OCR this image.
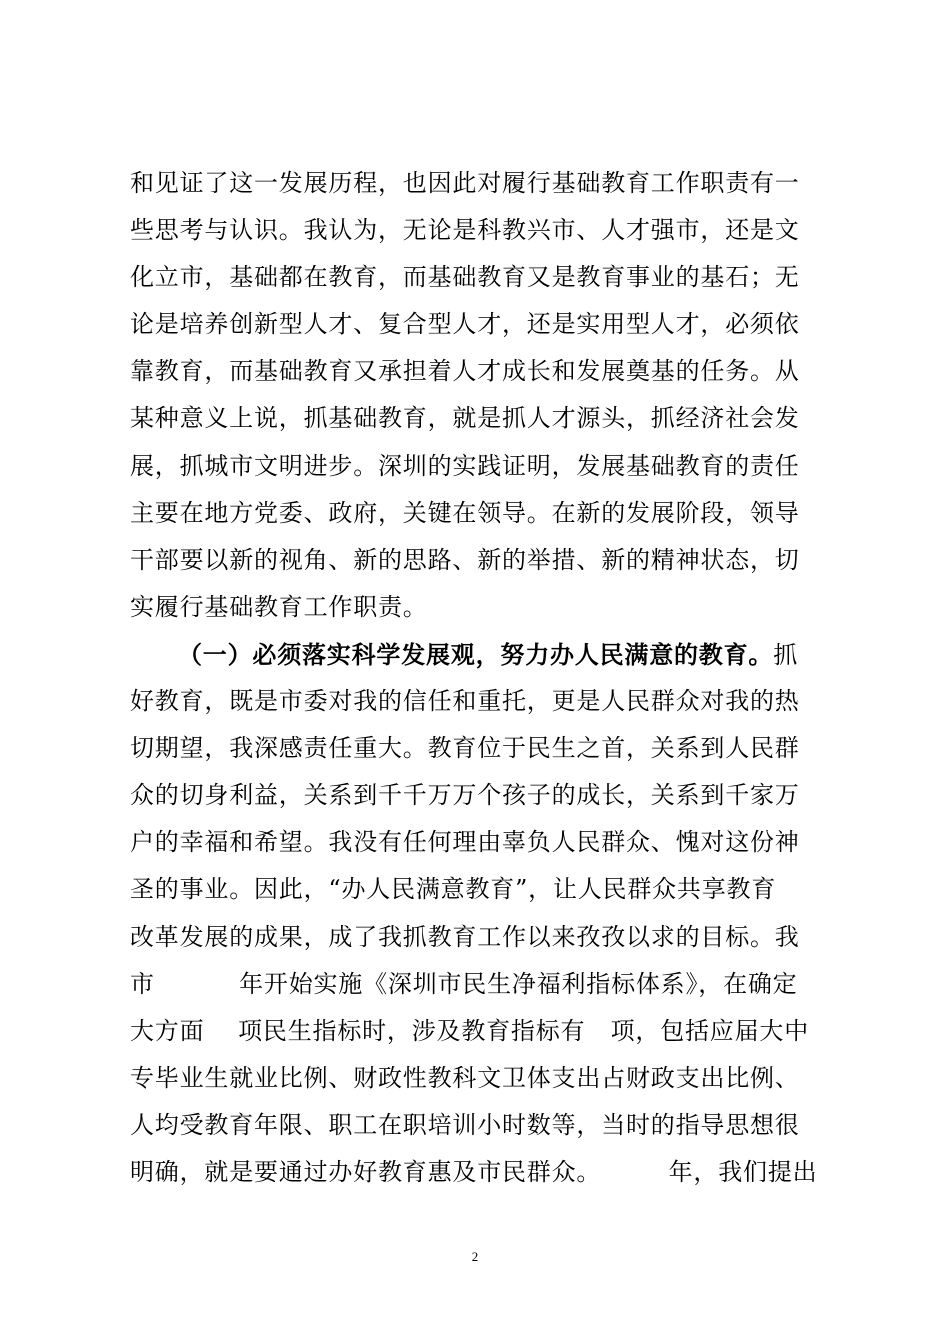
和见证了这一发展历程，也因此对履行基础教育工作职责有一
些思考与认识。我认为，无论是科教兴市、人才强市，还是文
化立市，基础都在教育，而基础教育又是教育事业的基石；无
论是培养创新型人才、复合型人才，还是实用型人才，必须依
靠教育，而基础教育又承担着人才成长和发展奠基的任务。从
某种意义上说，抓基础教育，就是抓人才源头，抓经济社会发
展，抓城市文明进步。深圳的实践证明，发展基础教育的责任
主要在地方党委、政府，关键在领导。在新的发展阶段，领导
干部要以新的视角、新的思路、新的举措、新的精神状态，切
实履行基础教育工作职责。
（一）必须落实科学发展观，努力办人民满意的教育。抓
好教育，既是市委对我的信任和重托，更是人民群众对我的热
切期望，我深感责任重大。教育位于民生之首，关系到人民群
众的切身利益，关系到千千万万个孩子的成长，关系到千家万
户的幸福和希望。我没有任何理由辜负人民群众、愧对这份神
圣的事业。因此，“办人民满意教育”，让人民群众共享教育
改革发展的成果，成了我抓教育工作以来孜孜以求的目标。我
市          年开始实施《深圳市民生净福利指标体系》，在确定
大方面    项民生指标时，涉及教育指标有   项，包括应届大中
专毕业生就业比例、财政性教科文卫体支出占财政支出比例、
人均受教育年限、职工在职培训小时数等，当时的指导思想很
明确，就是要通过办好教育惠及市民群众。        年，我们提出
2
